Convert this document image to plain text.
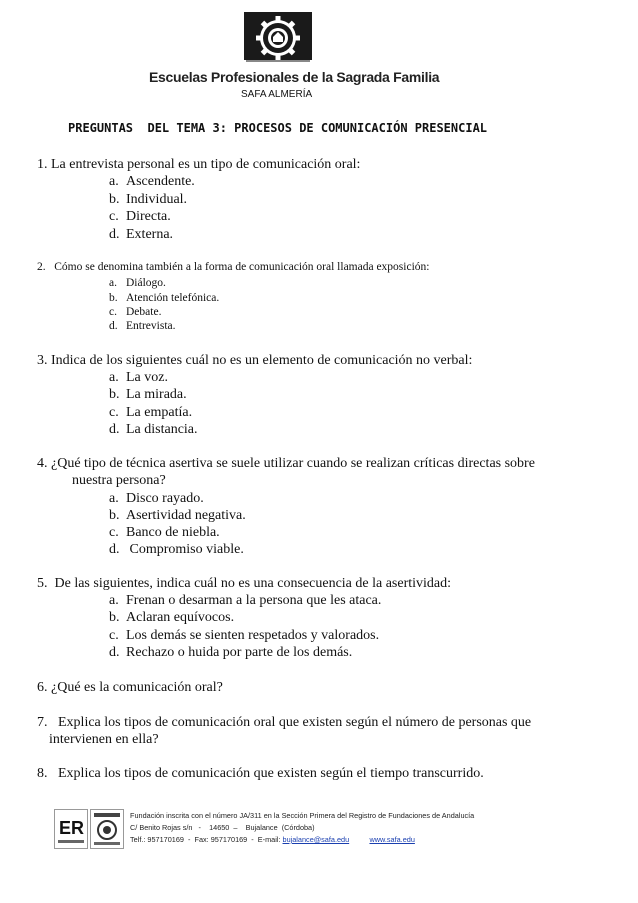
Escuelas Profesionales de la Sagrada Familia
SAFA ALMERÍA
PREGUNTAS  DEL TEMA 3: PROCESOS DE COMUNICACIÓN PRESENCIAL
1. La entrevista personal es un tipo de comunicación oral:
a. Ascendente.
b. Individual.
c. Directa.
d. Externa.
2.   Cómo se denomina también a la forma de comunicación oral llamada exposición:
a. Diálogo.
b. Atención telefónica.
c. Debate.
d. Entrevista.
3. Indica de los siguientes cuál no es un elemento de comunicación no verbal:
a. La voz.
b. La mirada.
c. La empatía.
d. La distancia.
4. ¿Qué tipo de técnica asertiva se suele utilizar cuando se realizan críticas directas sobre
nuestra persona?
a. Disco rayado.
b. Asertividad negativa.
c. Banco de niebla.
d. Compromiso viable.
5.  De las siguientes, indica cuál no es una consecuencia de la asertividad:
a. Frenan o desarman a la persona que les ataca.
b. Aclaran equívocos.
c. Los demás se sienten respetados y valorados.
d. Rechazo o huida por parte de los demás.
6. ¿Qué es la comunicación oral?
7.   Explica los tipos de comunicación oral que existen según el número de personas que
intervienen en ella?
8.   Explica los tipos de comunicación que existen según el tiempo transcurrido.
ER
Fundación inscrita con el número JA/311 en la Sección Primera del Registro de Fundaciones de Andalucía
C/ Benito Rojas s/n   -    14650  –    Bujalance  (Córdoba)
Telf.: 957170169  -  Fax: 957170169  -  E-mail: bujalance@safa.edu	www.safa.edu
